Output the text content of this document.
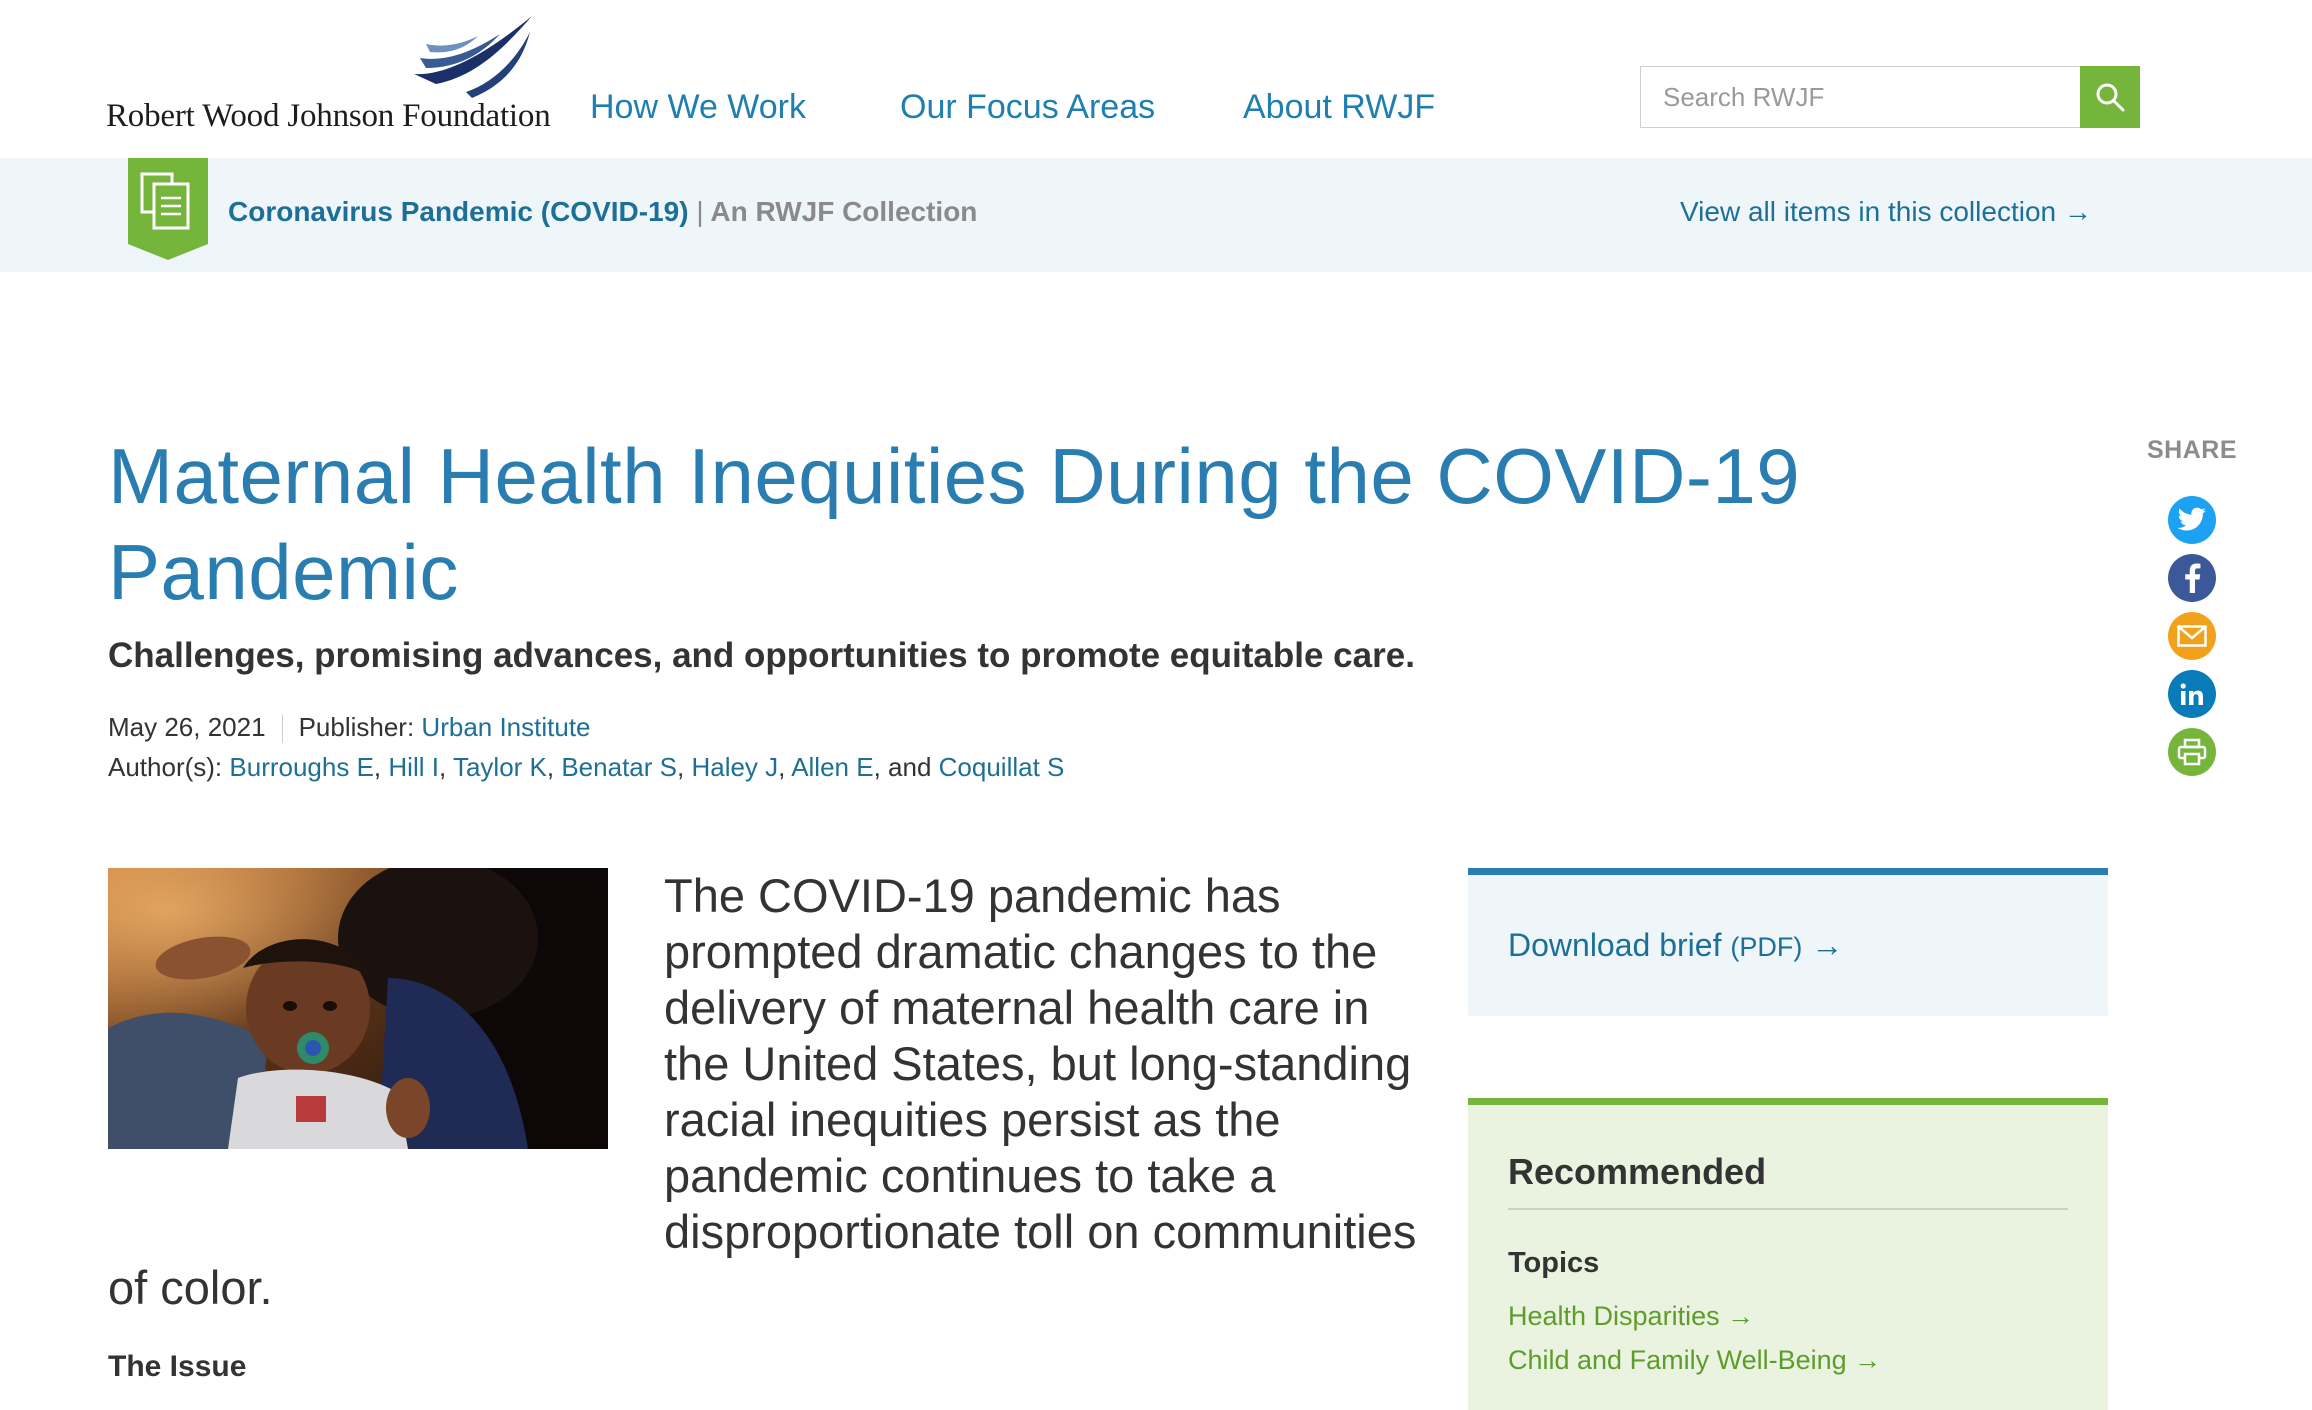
Robert Wood Johnson Foundation How We Work	Our Focus Areas	About RWJF
Search RWJF
Coronavirus Pandemic (COVID-19) | An RWJF Collection	View all items in this collection →
Maternal Health Inequities During the COVID-19 Pandemic
Challenges, promising advances, and opportunities to promote equitable care.
May 26, 2021 Publisher: Urban Institute
Author(s): Burroughs E, Hill I, Taylor K, Benatar S, Haley J, Allen E, and Coquillat S
SHARE

The COVID-19 pandemic has prompted dramatic changes to the delivery of maternal health care in the United States, but long-standing racial inequities persist as the pandemic continues to take a disproportionate toll on communities of color.

The Issue
Download brief (PDF) →
Recommended
Topics
Health Disparities →
Child and Family Well-Being →
